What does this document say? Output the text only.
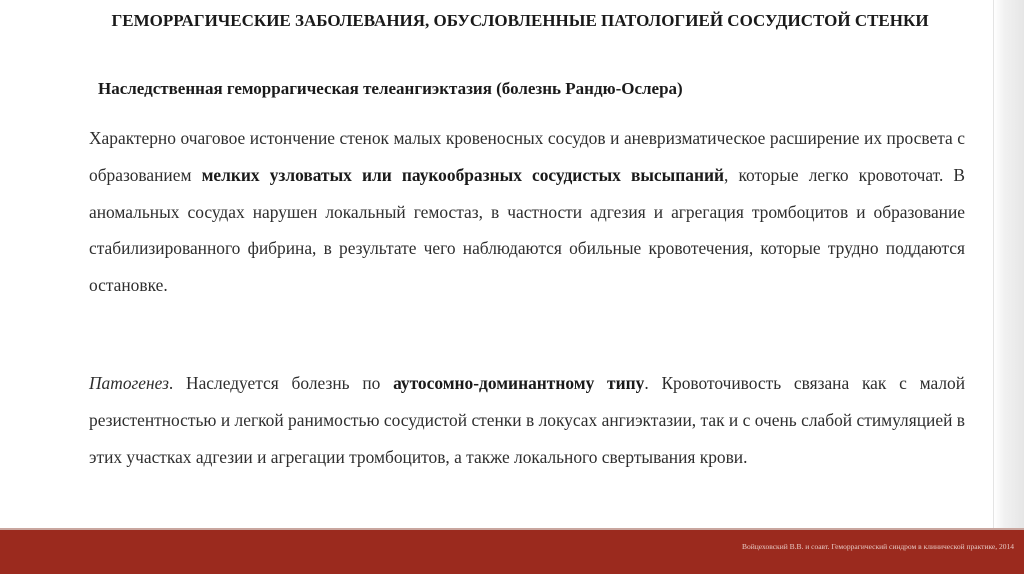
ГЕМОРРАГИЧЕСКИЕ ЗАБОЛЕВАНИЯ, ОБУСЛОВЛЕННЫЕ ПАТОЛОГИЕЙ СОСУДИСТОЙ СТЕНКИ
Наследственная геморрагическая телеангиэктазия (болезнь Рандю-Ослера)
Характерно очаговое истончение стенок малых кровеносных сосудов и аневризматическое расширение их просвета с образованием мелких узловатых или паукообразных сосудистых высыпаний, которые легко кровоточат. В аномальных сосудах нарушен локальный гемостаз, в частности адгезия и агрегация тромбоцитов и образование стабилизированного фибрина, в результате чего наблюдаются обильные кровотечения, которые трудно поддаются остановке.
Патогенез. Наследуется болезнь по аутосомно-доминантному типу. Кровоточивость связана как с малой резистентностью и легкой ранимостью сосудистой стенки в локусах ангиэктазии, так и с очень слабой стимуляцией в этих участках адгезии и агрегации тромбоцитов, а также локального свертывания крови.
Войцеховский В.В. и соавт. Геморрагический синдром в клинической практике, 2014
